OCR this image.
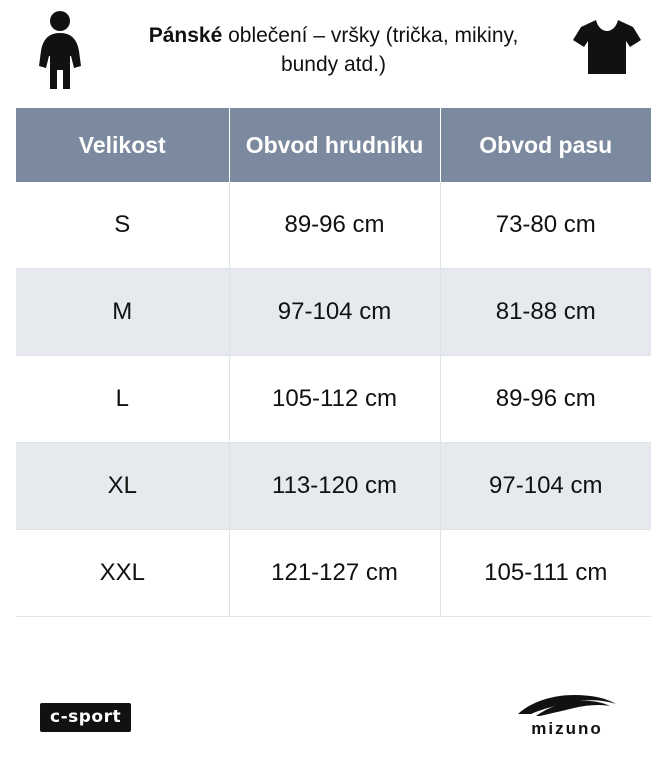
Pánské oblečení – vršky (trička, mikiny, bundy atd.)
Velikost	Obvod hrudníku	Obvod pasu
S	89-96 cm	73-80 cm
M	97-104 cm	81-88 cm
L	105-112 cm	89-96 cm
XL	113-120 cm	97-104 cm
XXL	121-127 cm	105-111 cm
c-sport
mizuno
